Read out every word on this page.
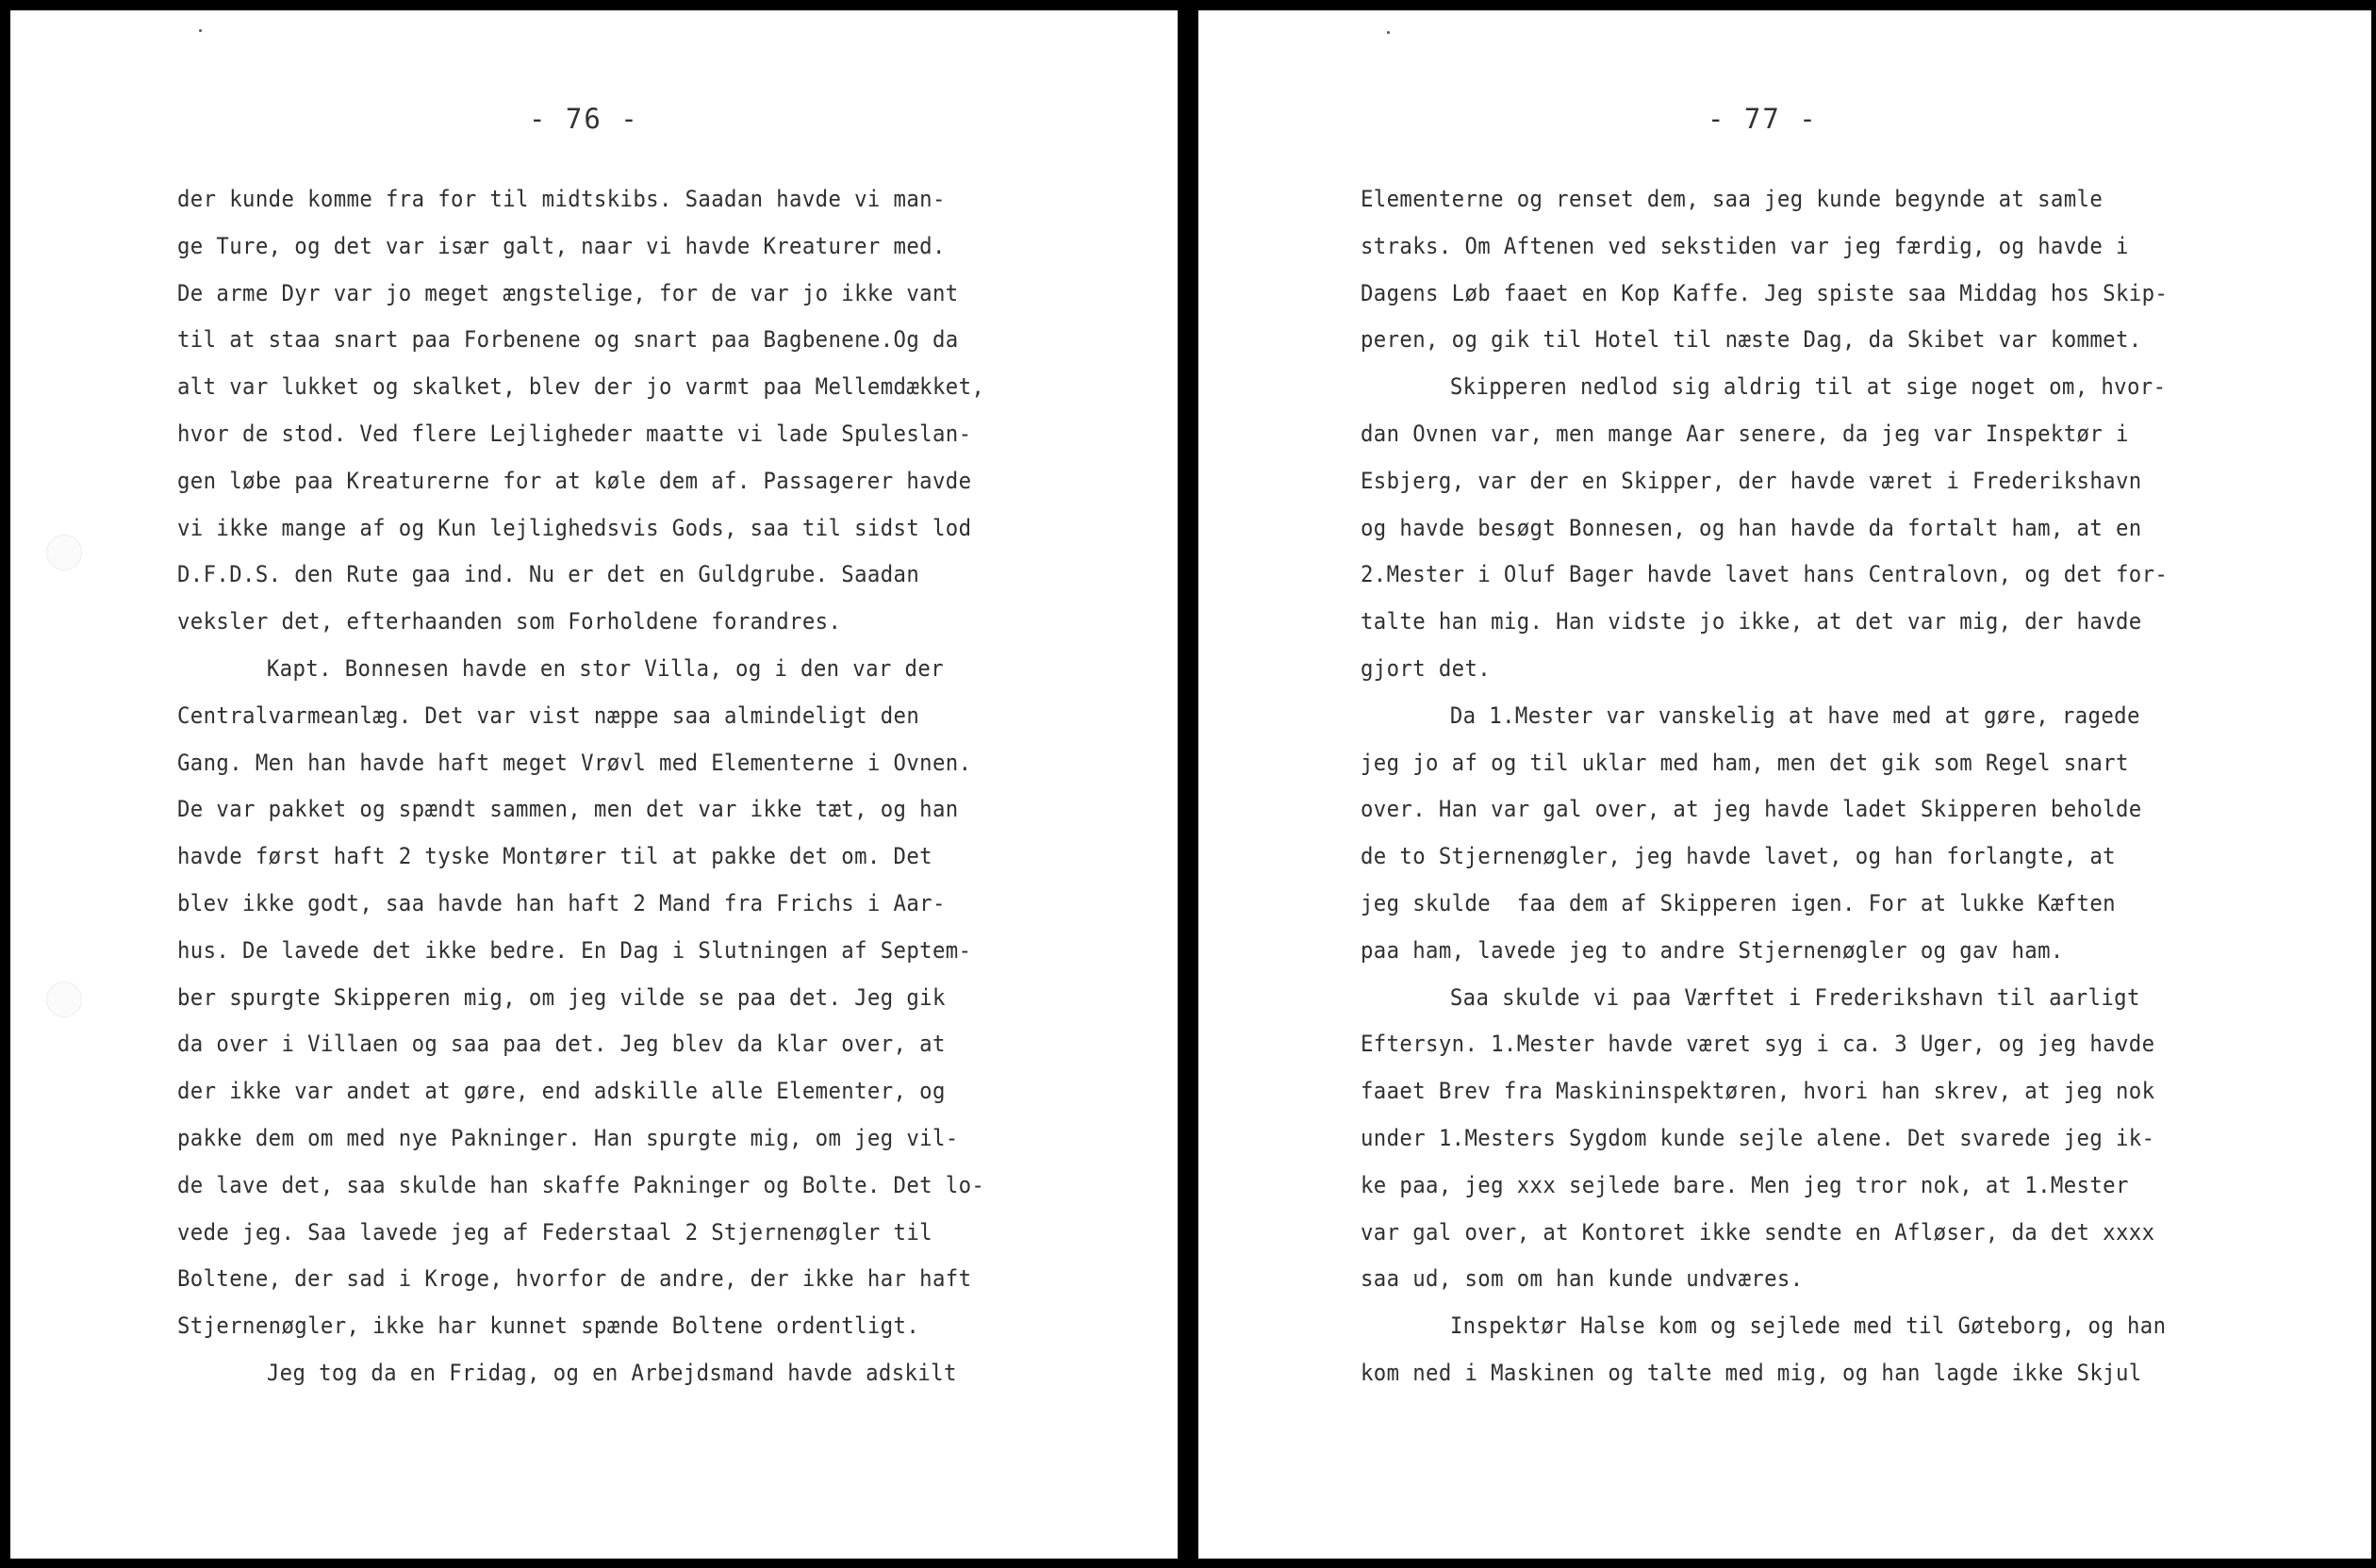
- 76 -
der kunde komme fra for til midtskibs. Saadan havde vi man-
ge Ture, og det var især galt, naar vi havde Kreaturer med.
De arme Dyr var jo meget ængstelige, for de var jo ikke vant
til at staa snart paa Forbenene og snart paa Bagbenene.Og da
alt var lukket og skalket, blev der jo varmt paa Mellemdækket,
hvor de stod. Ved flere Lejligheder maatte vi lade Spuleslan-
gen løbe paa Kreaturerne for at køle dem af. Passagerer havde
vi ikke mange af og Kun lejlighedsvis Gods, saa til sidst lod
D.F.D.S. den Rute gaa ind. Nu er det en Guldgrube. Saadan
veksler det, efterhaanden som Forholdene forandres.
Kapt. Bonnesen havde en stor Villa, og i den var der
Centralvarmeanlæg. Det var vist næppe saa almindeligt den
Gang. Men han havde haft meget Vrøvl med Elementerne i Ovnen.
De var pakket og spændt sammen, men det var ikke tæt, og han
havde først haft 2 tyske Montører til at pakke det om. Det
blev ikke godt, saa havde han haft 2 Mand fra Frichs i Aar-
hus. De lavede det ikke bedre. En Dag i Slutningen af Septem-
ber spurgte Skipperen mig, om jeg vilde se paa det. Jeg gik
da over i Villaen og saa paa det. Jeg blev da klar over, at
der ikke var andet at gøre, end adskille alle Elementer, og
pakke dem om med nye Pakninger. Han spurgte mig, om jeg vil-
de lave det, saa skulde han skaffe Pakninger og Bolte. Det lo-
vede jeg. Saa lavede jeg af Federstaal 2 Stjernenøgler til
Boltene, der sad i Kroge, hvorfor de andre, der ikke har haft
Stjernenøgler, ikke har kunnet spænde Boltene ordentligt.
Jeg tog da en Fridag, og en Arbejdsmand havde adskilt
- 77 -
Elementerne og renset dem, saa jeg kunde begynde at samle
straks. Om Aftenen ved sekstiden var jeg færdig, og havde i
Dagens Løb faaet en Kop Kaffe. Jeg spiste saa Middag hos Skip-
peren, og gik til Hotel til næste Dag, da Skibet var kommet.
Skipperen nedlod sig aldrig til at sige noget om, hvor-
dan Ovnen var, men mange Aar senere, da jeg var Inspektør i
Esbjerg, var der en Skipper, der havde været i Frederikshavn
og havde besøgt Bonnesen, og han havde da fortalt ham, at en
2.Mester i Oluf Bager havde lavet hans Centralovn, og det for-
talte han mig. Han vidste jo ikke, at det var mig, der havde
gjort det.
Da 1.Mester var vanskelig at have med at gøre, ragede
jeg jo af og til uklar med ham, men det gik som Regel snart
over. Han var gal over, at jeg havde ladet Skipperen beholde
de to Stjernenøgler, jeg havde lavet, og han forlangte, at
jeg skulde  faa dem af Skipperen igen. For at lukke Kæften
paa ham, lavede jeg to andre Stjernenøgler og gav ham.
Saa skulde vi paa Værftet i Frederikshavn til aarligt
Eftersyn. 1.Mester havde været syg i ca. 3 Uger, og jeg havde
faaet Brev fra Maskininspektøren, hvori han skrev, at jeg nok
under 1.Mesters Sygdom kunde sejle alene. Det svarede jeg ik-
ke paa, jeg xxx sejlede bare. Men jeg tror nok, at 1.Mester
var gal over, at Kontoret ikke sendte en Afløser, da det xxxx
saa ud, som om han kunde undværes.
Inspektør Halse kom og sejlede med til Gøteborg, og han
kom ned i Maskinen og talte med mig, og han lagde ikke Skjul
